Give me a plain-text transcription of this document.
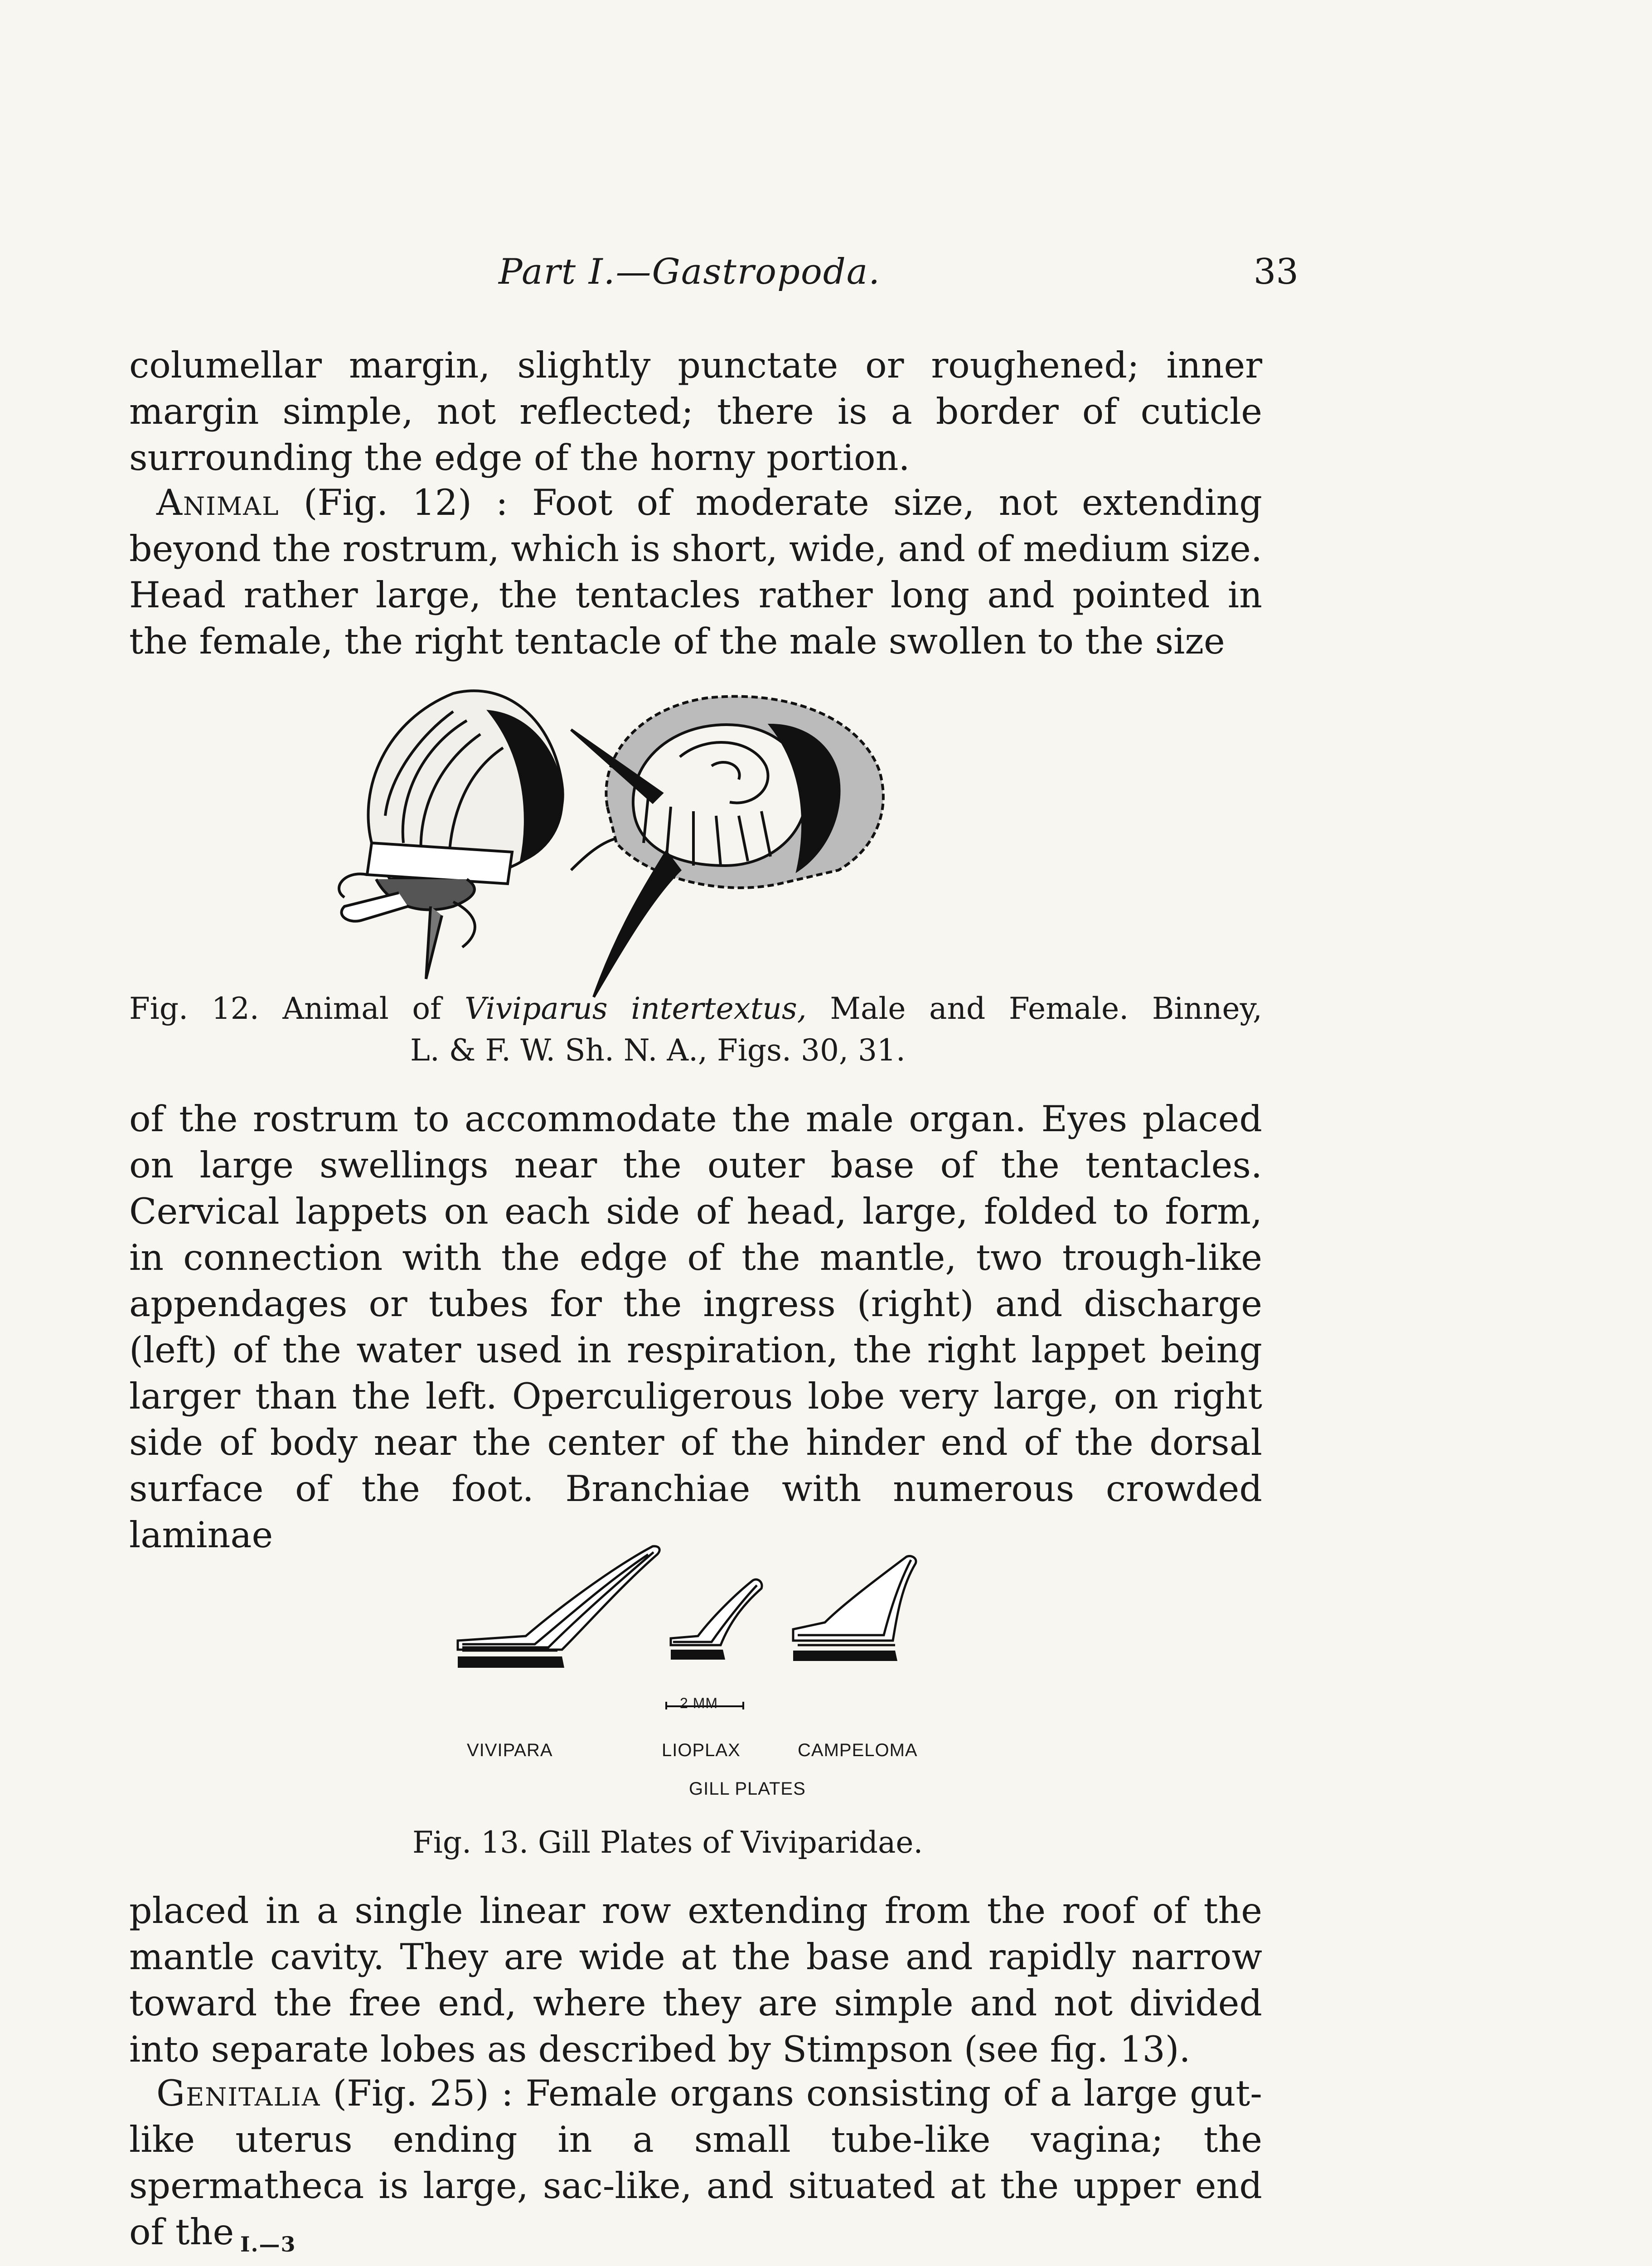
Part I.—Gastropoda.	33

columellar margin, slightly punctate or roughened; inner margin simple, not reflected; there is a border of cuticle surrounding the edge of the horny portion.

Animal (Fig. 12) : Foot of moderate size, not extending beyond the rostrum, which is short, wide, and of medium size. Head rather large, the tentacles rather long and pointed in the female, the right tentacle of the male swollen to the size

Fig. 12. Animal of Viviparus intertextus, Male and Female. Binney,
L. & F. W. Sh. N. A., Figs. 30, 31.

of the rostrum to accommodate the male organ. Eyes placed on large swellings near the outer base of the tentacles. Cervical lappets on each side of head, large, folded to form, in connection with the edge of the mantle, two trough-like appendages or tubes for the ingress (right) and discharge (left) of the water used in respiration, the right lappet being larger than the left. Operculigerous lobe very large, on right side of body near the center of the hinder end of the dorsal surface of the foot. Branchiae with numerous crowded laminae

2 MM
VIVIPARA	LIOPLAX	CAMPELOMA
GILL PLATES

Fig. 13. Gill Plates of Viviparidae.

placed in a single linear row extending from the roof of the mantle cavity. They are wide at the base and rapidly narrow toward the free end, where they are simple and not divided into separate lobes as described by Stimpson (see fig. 13).

Genitalia (Fig. 25) : Female organs consisting of a large gut-like uterus ending in a small tube-like vagina; the spermatheca is large, sac-like, and situated at the upper end of the I.—3
